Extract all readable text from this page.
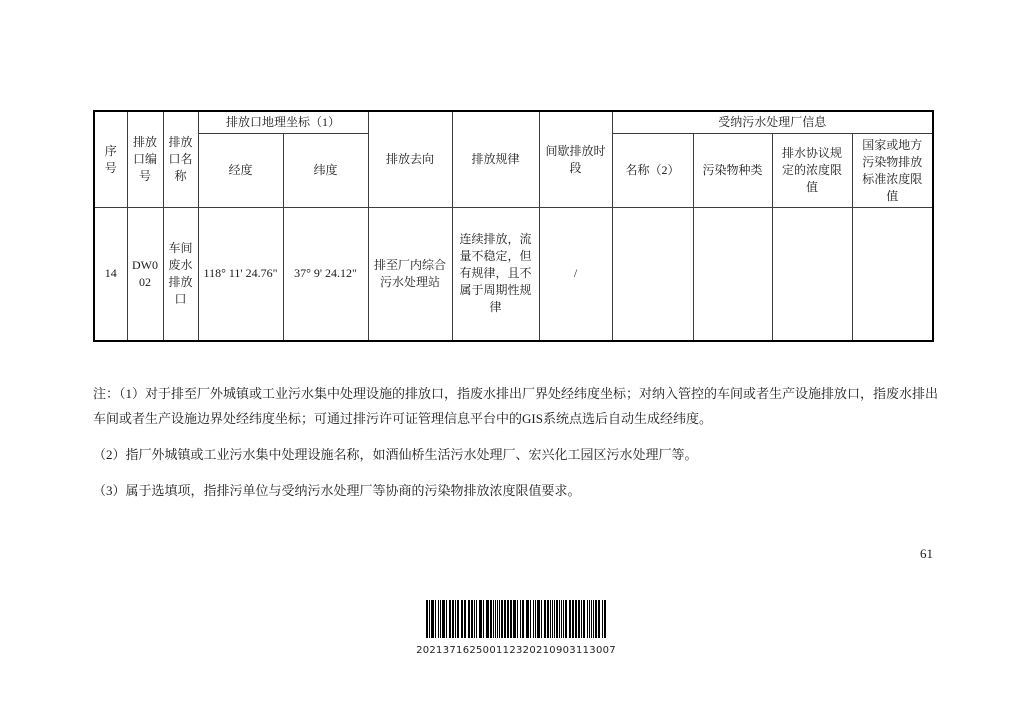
序号	排放口编号	排放口名称	排放口地理坐标（1）		排放去向	排放规律	间歇排放时段	受纳污水处理厂信息			
			经度	纬度				名称（2）	污染物种类	排水协议规定的浓度限值	国家或地方污染物排放标准浓度限值
14	DW002	车间废水排放口	118° 11' 24.76"	37° 9' 24.12"	排至厂内综合污水处理站	连续排放，流量不稳定，但有规律，且不属于周期性规律	/				

注：（1）对于排至厂外城镇或工业污水集中处理设施的排放口，指废水排出厂界处经纬度坐标；对纳入管控的车间或者生产设施排放口，指废水排出车间或者生产设施边界处经纬度坐标；可通过排污许可证管理信息平台中的GIS系统点选后自动生成经纬度。

（2）指厂外城镇或工业污水集中处理设施名称，如酒仙桥生活污水处理厂、宏兴化工园区污水处理厂等。

（3）属于选填项，指排污单位与受纳污水处理厂等协商的污染物排放浓度限值要求。

61
202137162500112320210903113007
